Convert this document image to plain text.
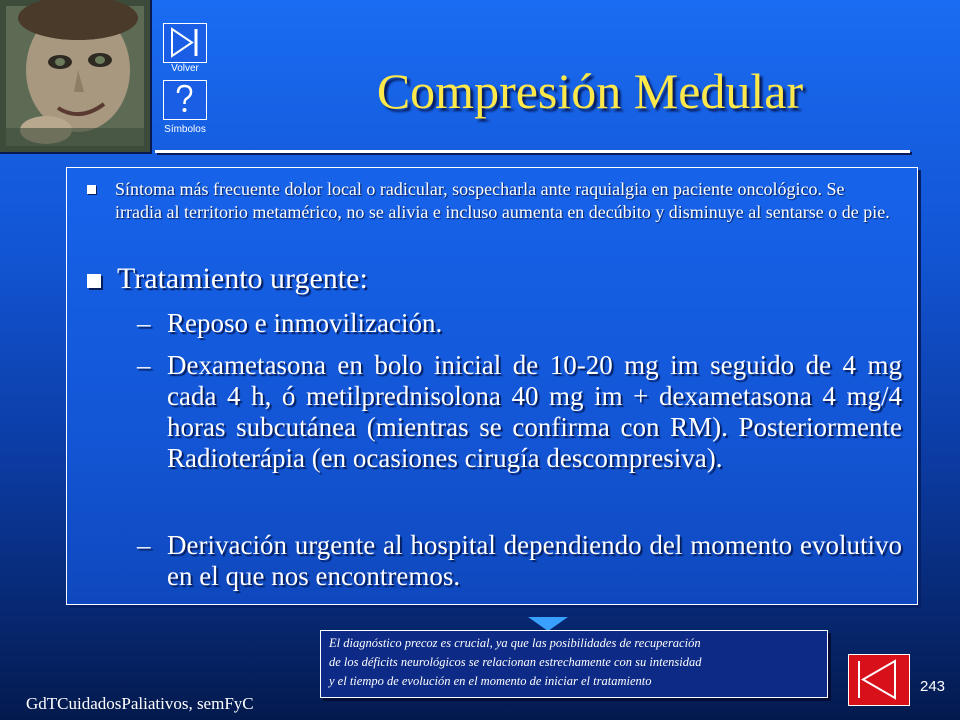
Volver
Símbolos
Compresión Medular
Síntoma más frecuente dolor local o radicular, sospecharla ante raquialgia en paciente oncológico. Se irradia al territorio metamérico, no se alivia e incluso aumenta en decúbito y disminuye al sentarse o de pie.
Tratamiento urgente:
– Reposo e inmovilización.
– Dexametasona en bolo inicial de 10-20 mg im seguido de 4 mg cada 4 h, ó metilprednisolona 40 mg im + dexametasona 4 mg/4 horas subcutánea (mientras se confirma con RM). Posteriormente Radioterápia (en ocasiones cirugía descompresiva).
– Derivación urgente al hospital dependiendo del momento evolutivo en el que nos encontremos.
El diagnóstico precoz es crucial, ya que las posibilidades de recuperación
de los déficits neurológicos se relacionan estrechamente con su intensidad
y el tiempo de evolución en el momento de iniciar el tratamiento
GdTCuidadosPaliativos, semFyC
243
